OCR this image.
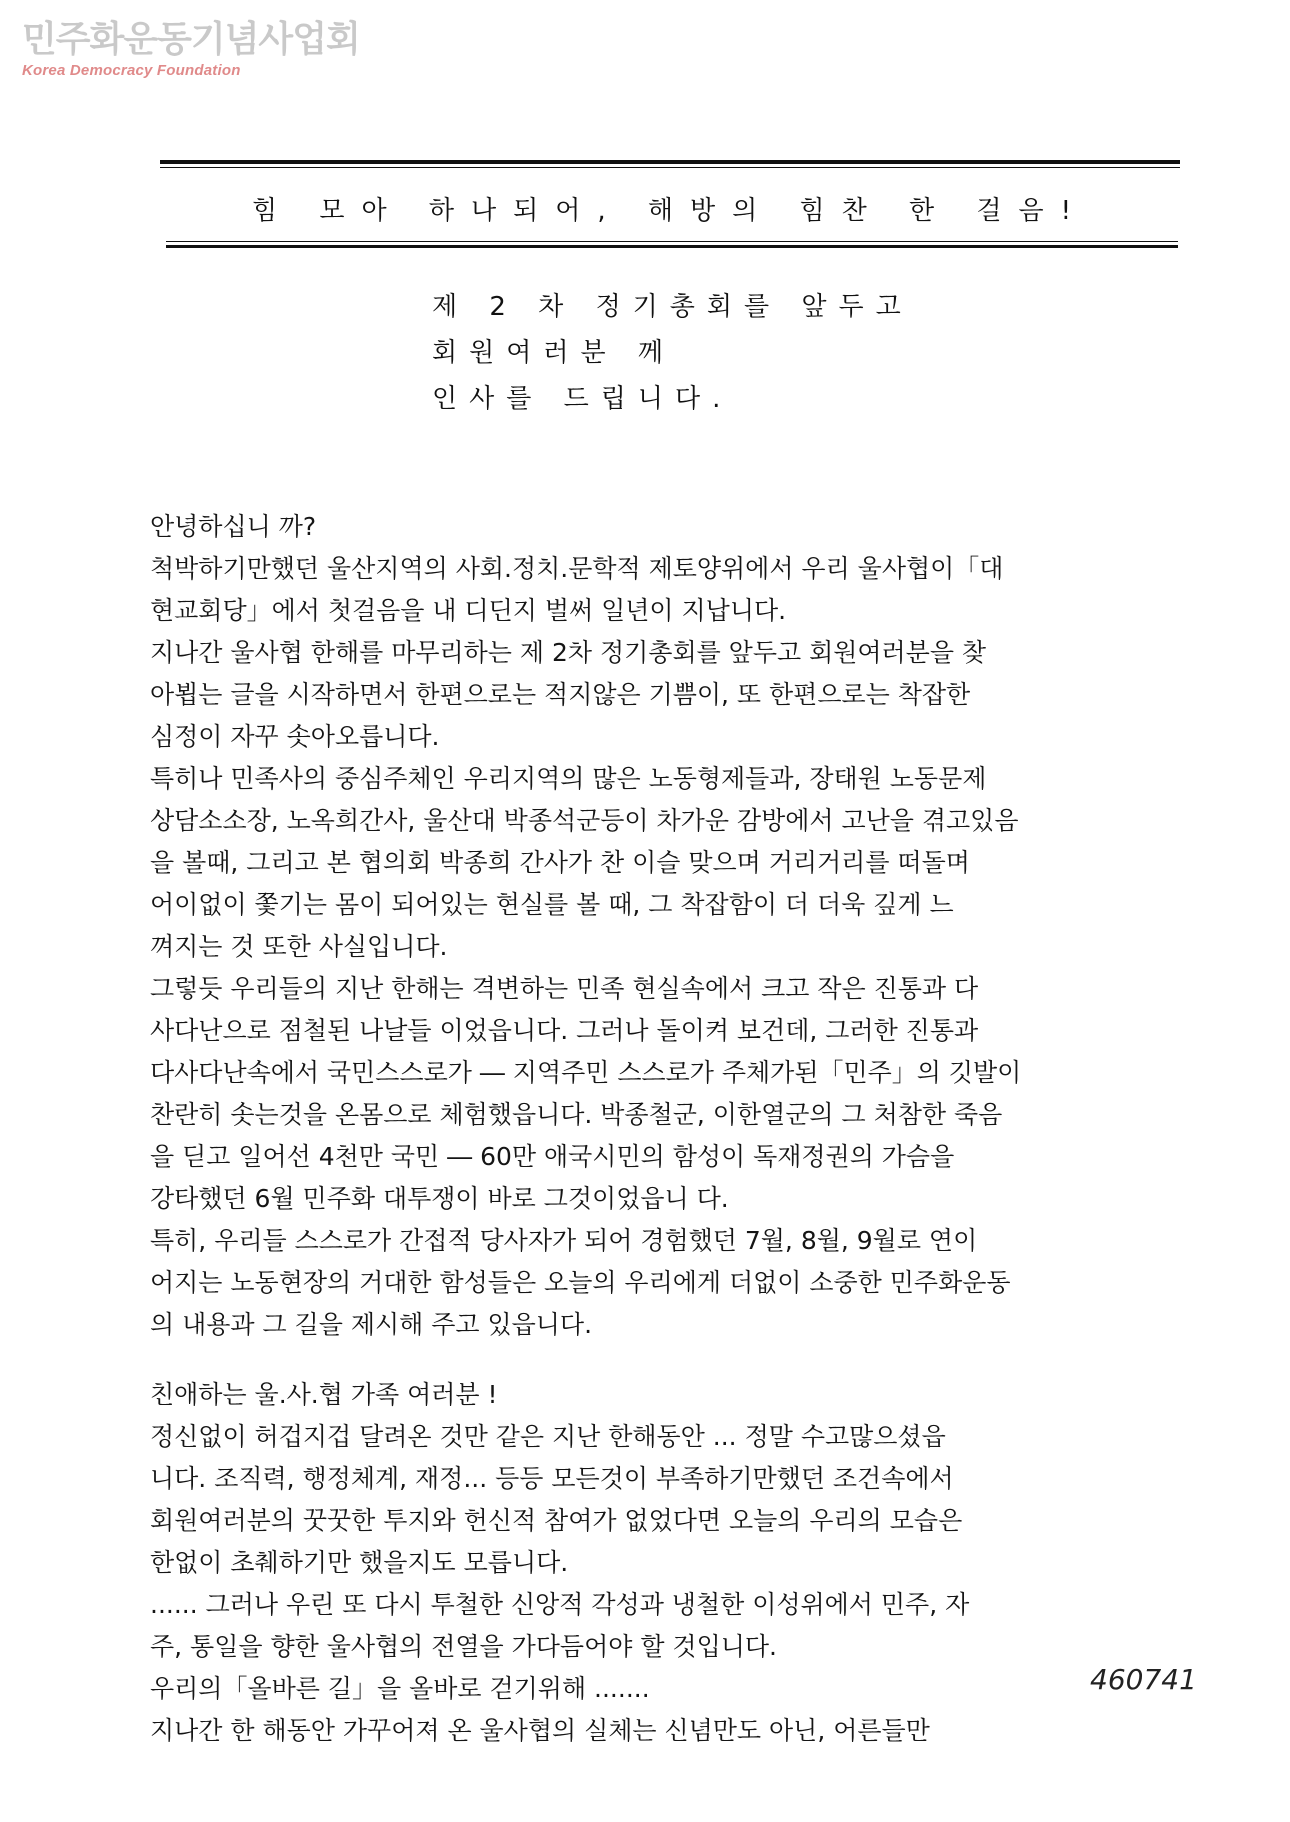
민주화운동기념사업회
Korea Democracy Foundation
힘 모아 하나되어, 해방의 힘찬 한 걸음!
제 2 차 정기총회를 앞두고
회원여러분 께
인사를 드립니다.
안녕하십니 까?
척박하기만했던 울산지역의 사회.정치.문학적 제토양위에서 우리 울사협이「대
현교회당」에서 첫걸음을 내 디딘지 벌써 일년이 지납니다.
지나간 울사협 한해를 마무리하는 제 2차 정기총회를 앞두고 회원여러분을 찾
아뵙는 글을 시작하면서 한편으로는 적지않은 기쁨이, 또 한편으로는 착잡한
심정이 자꾸 솟아오릅니다.
특히나 민족사의 중심주체인 우리지역의 많은 노동형제들과, 장태원 노동문제
상담소소장, 노옥희간사, 울산대 박종석군등이 차가운 감방에서 고난을 겪고있음
을 볼때, 그리고 본 협의회 박종희 간사가 찬 이슬 맞으며 거리거리를 떠돌며
어이없이 쫓기는 몸이 되어있는 현실를 볼 때, 그 착잡함이 더 더욱 깊게 느
껴지는 것 또한 사실입니다.
그렇듯 우리들의 지난 한해는 격변하는 민족 현실속에서 크고 작은 진통과 다
사다난으로 점철된 나날들 이었읍니다. 그러나 돌이켜 보건데, 그러한 진통과
다사다난속에서 국민스스로가 ― 지역주민 스스로가 주체가된「민주」의 깃발이
찬란히 솟는것을 온몸으로 체험했읍니다. 박종철군, 이한열군의 그 처참한 죽음
을 딛고 일어선 4천만 국민 ― 60만 애국시민의 함성이 독재정권의 가슴을
강타했던 6월 민주화 대투쟁이 바로 그것이었읍니 다.
특히, 우리들 스스로가 간접적 당사자가 되어 경험했던 7월, 8월, 9월로 연이
어지는 노동현장의 거대한 함성들은 오늘의 우리에게 더없이 소중한 민주화운동
의 내용과 그 길을 제시해 주고 있읍니다.
친애하는 울.사.협 가족 여러분 !
정신없이 허겁지겁 달려온 것만 같은 지난 한해동안 ... 정말 수고많으셨읍
니다. 조직력, 행정체계, 재정... 등등 모든것이 부족하기만했던 조건속에서
회원여러분의 꿋꿋한 투지와 헌신적 참여가 없었다면 오늘의 우리의 모습은
한없이 초췌하기만 했을지도 모릅니다.
...... 그러나 우린 또 다시 투철한 신앙적 각성과 냉철한 이성위에서 민주, 자
주, 통일을 향한 울사협의 전열을 가다듬어야 할 것입니다.
우리의「올바른 길」을 올바로 걷기위해 .......
지나간 한 해동안 가꾸어져 온 울사협의 실체는 신념만도 아닌, 어른들만
460741
